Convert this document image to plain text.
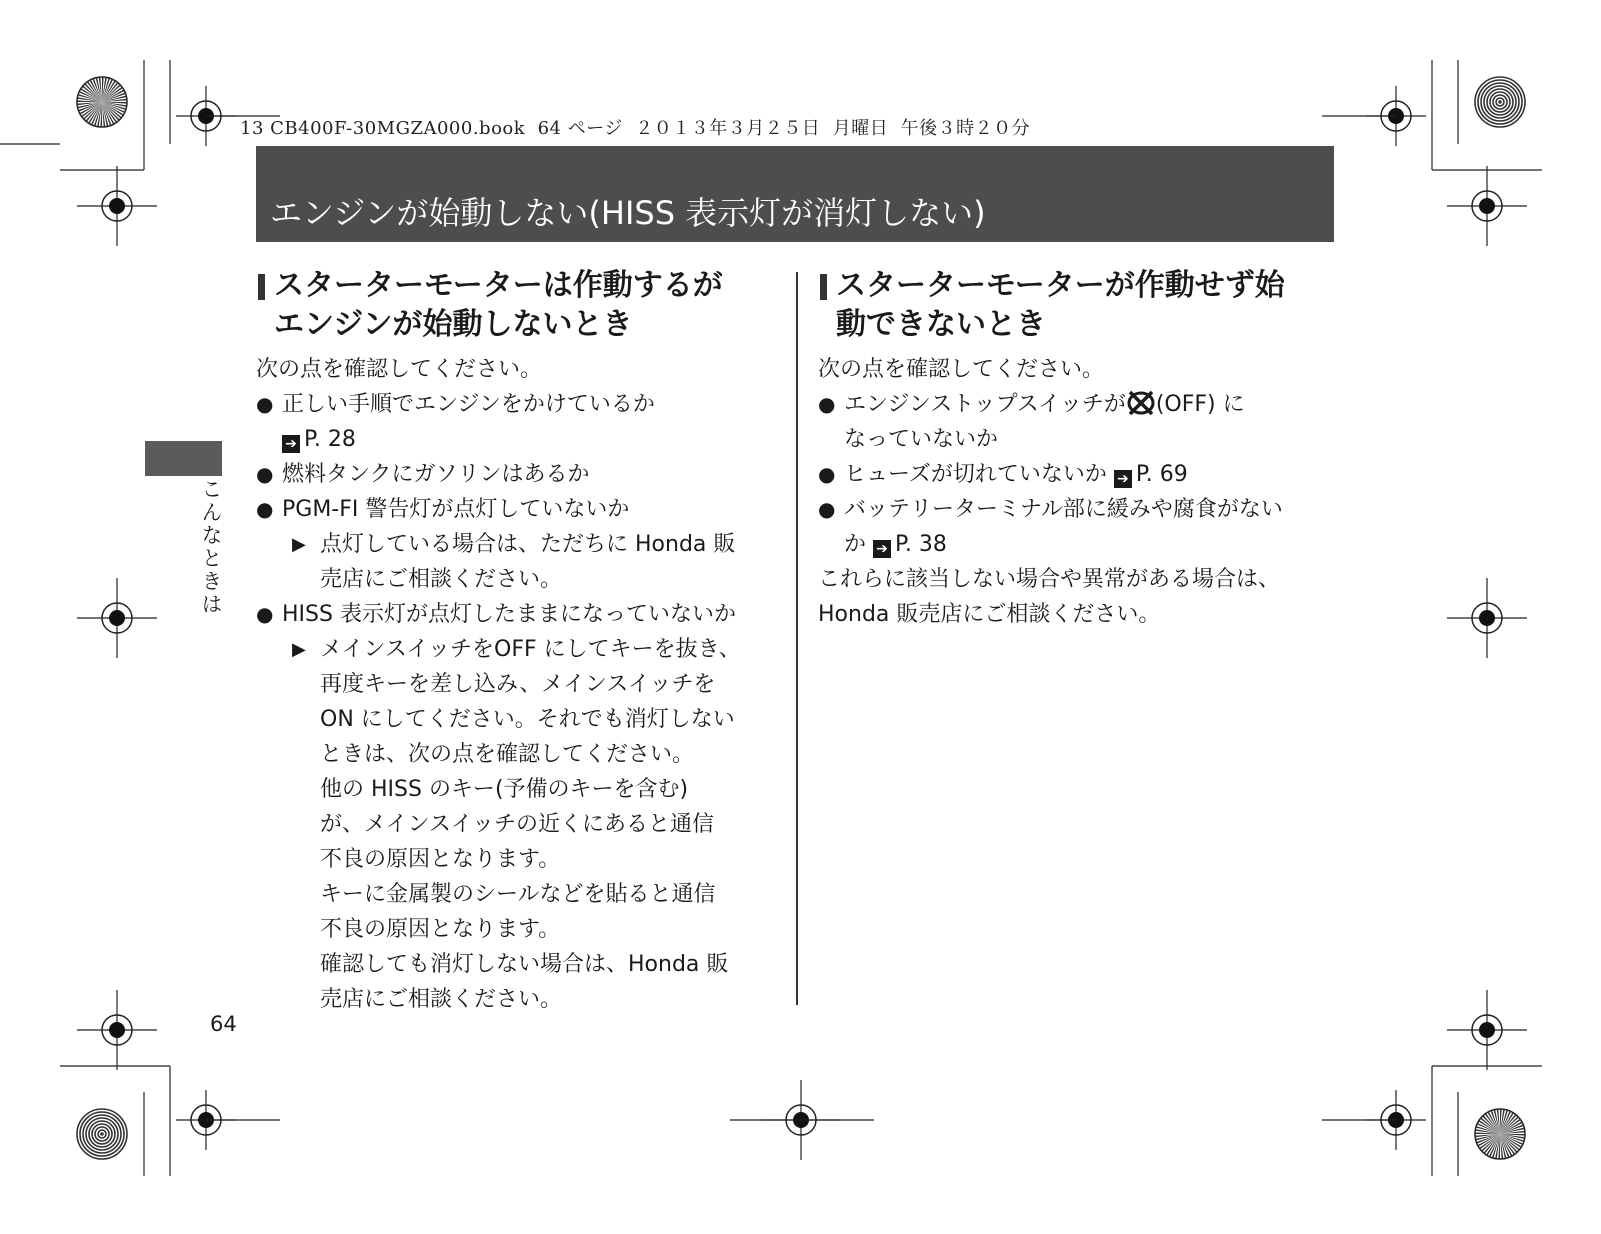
13 CB400F-30MGZA000.book  64 ページ  ２０１３年３月２５日  月曜日  午後３時２０分
エンジンが始動しない(HISS 表示灯が消灯しない)
スターターモーターは作動するが
エンジンが始動しないとき
次の点を確認してください。
● 正しい手順でエンジンをかけているか
➔ P. 28
● 燃料タンクにガソリンはあるか
● PGM-FI 警告灯が点灯していないか
▶ 点灯している場合は、ただちに Honda 販
売店にご相談ください。
● HISS 表示灯が点灯したままになっていないか
▶ メインスイッチをOFF にしてキーを抜き、
再度キーを差し込み、メインスイッチを
ON にしてください。それでも消灯しない
ときは、次の点を確認してください。
他の HISS のキー(予備のキーを含む)
が、メインスイッチの近くにあると通信
不良の原因となります。
キーに金属製のシールなどを貼ると通信
不良の原因となります。
確認しても消灯しない場合は、Honda 販
売店にご相談ください。
スターターモーターが作動せず始
動できないとき
次の点を確認してください。
● エンジンストップスイッチが (OFF) に
なっていないか
● ヒューズが切れていないか ➔ P. 69
● バッテリーターミナル部に緩みや腐食がない
か ➔ P. 38
これらに該当しない場合や異常がある場合は、
Honda 販売店にご相談ください。
こんなときは
64
